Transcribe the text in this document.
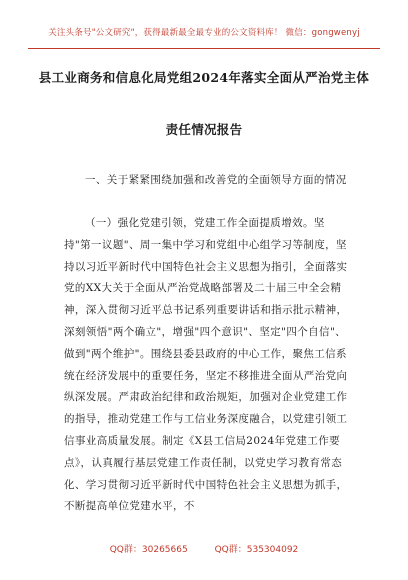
关注头条号"公文研究"，获得最新最全最专业的公文资料库！ 微信：gongwenyj
县工业商务和信息化局党组2024年落实全面从严治党主体
责任情况报告

一、关于紧紧围绕加强和改善党的全面领导方面的情况

（一）强化党建引领，党建工作全面提质增效。坚持"第一议题"、周一集中学习和党组中心组学习等制度，坚持以习近平新时代中国特色社会主义思想为指引，全面落实党的XX大关于全面从严治党战略部署及二十届三中全会精神，深入贯彻习近平总书记系列重要讲话和指示批示精神，深刻领悟"两个确立"，增强"四个意识"、坚定"四个自信"、做到"两个维护"。围绕县委县政府的中心工作，聚焦工信系统在经济发展中的重要任务，坚定不移推进全面从严治党向纵深发展。严肃政治纪律和政治规矩，加强对企业党建工作的指导，推动党建工作与工信业务深度融合，以党建引领工信事业高质量发展。制定《X县工信局2024年党建工作要点》，认真履行基层党建工作责任制，以党史学习教育常态化、学习贯彻习近平新时代中国特色社会主义思想为抓手，不断提高单位党建水平，不

QQ群：30265665	QQ群：535304092
